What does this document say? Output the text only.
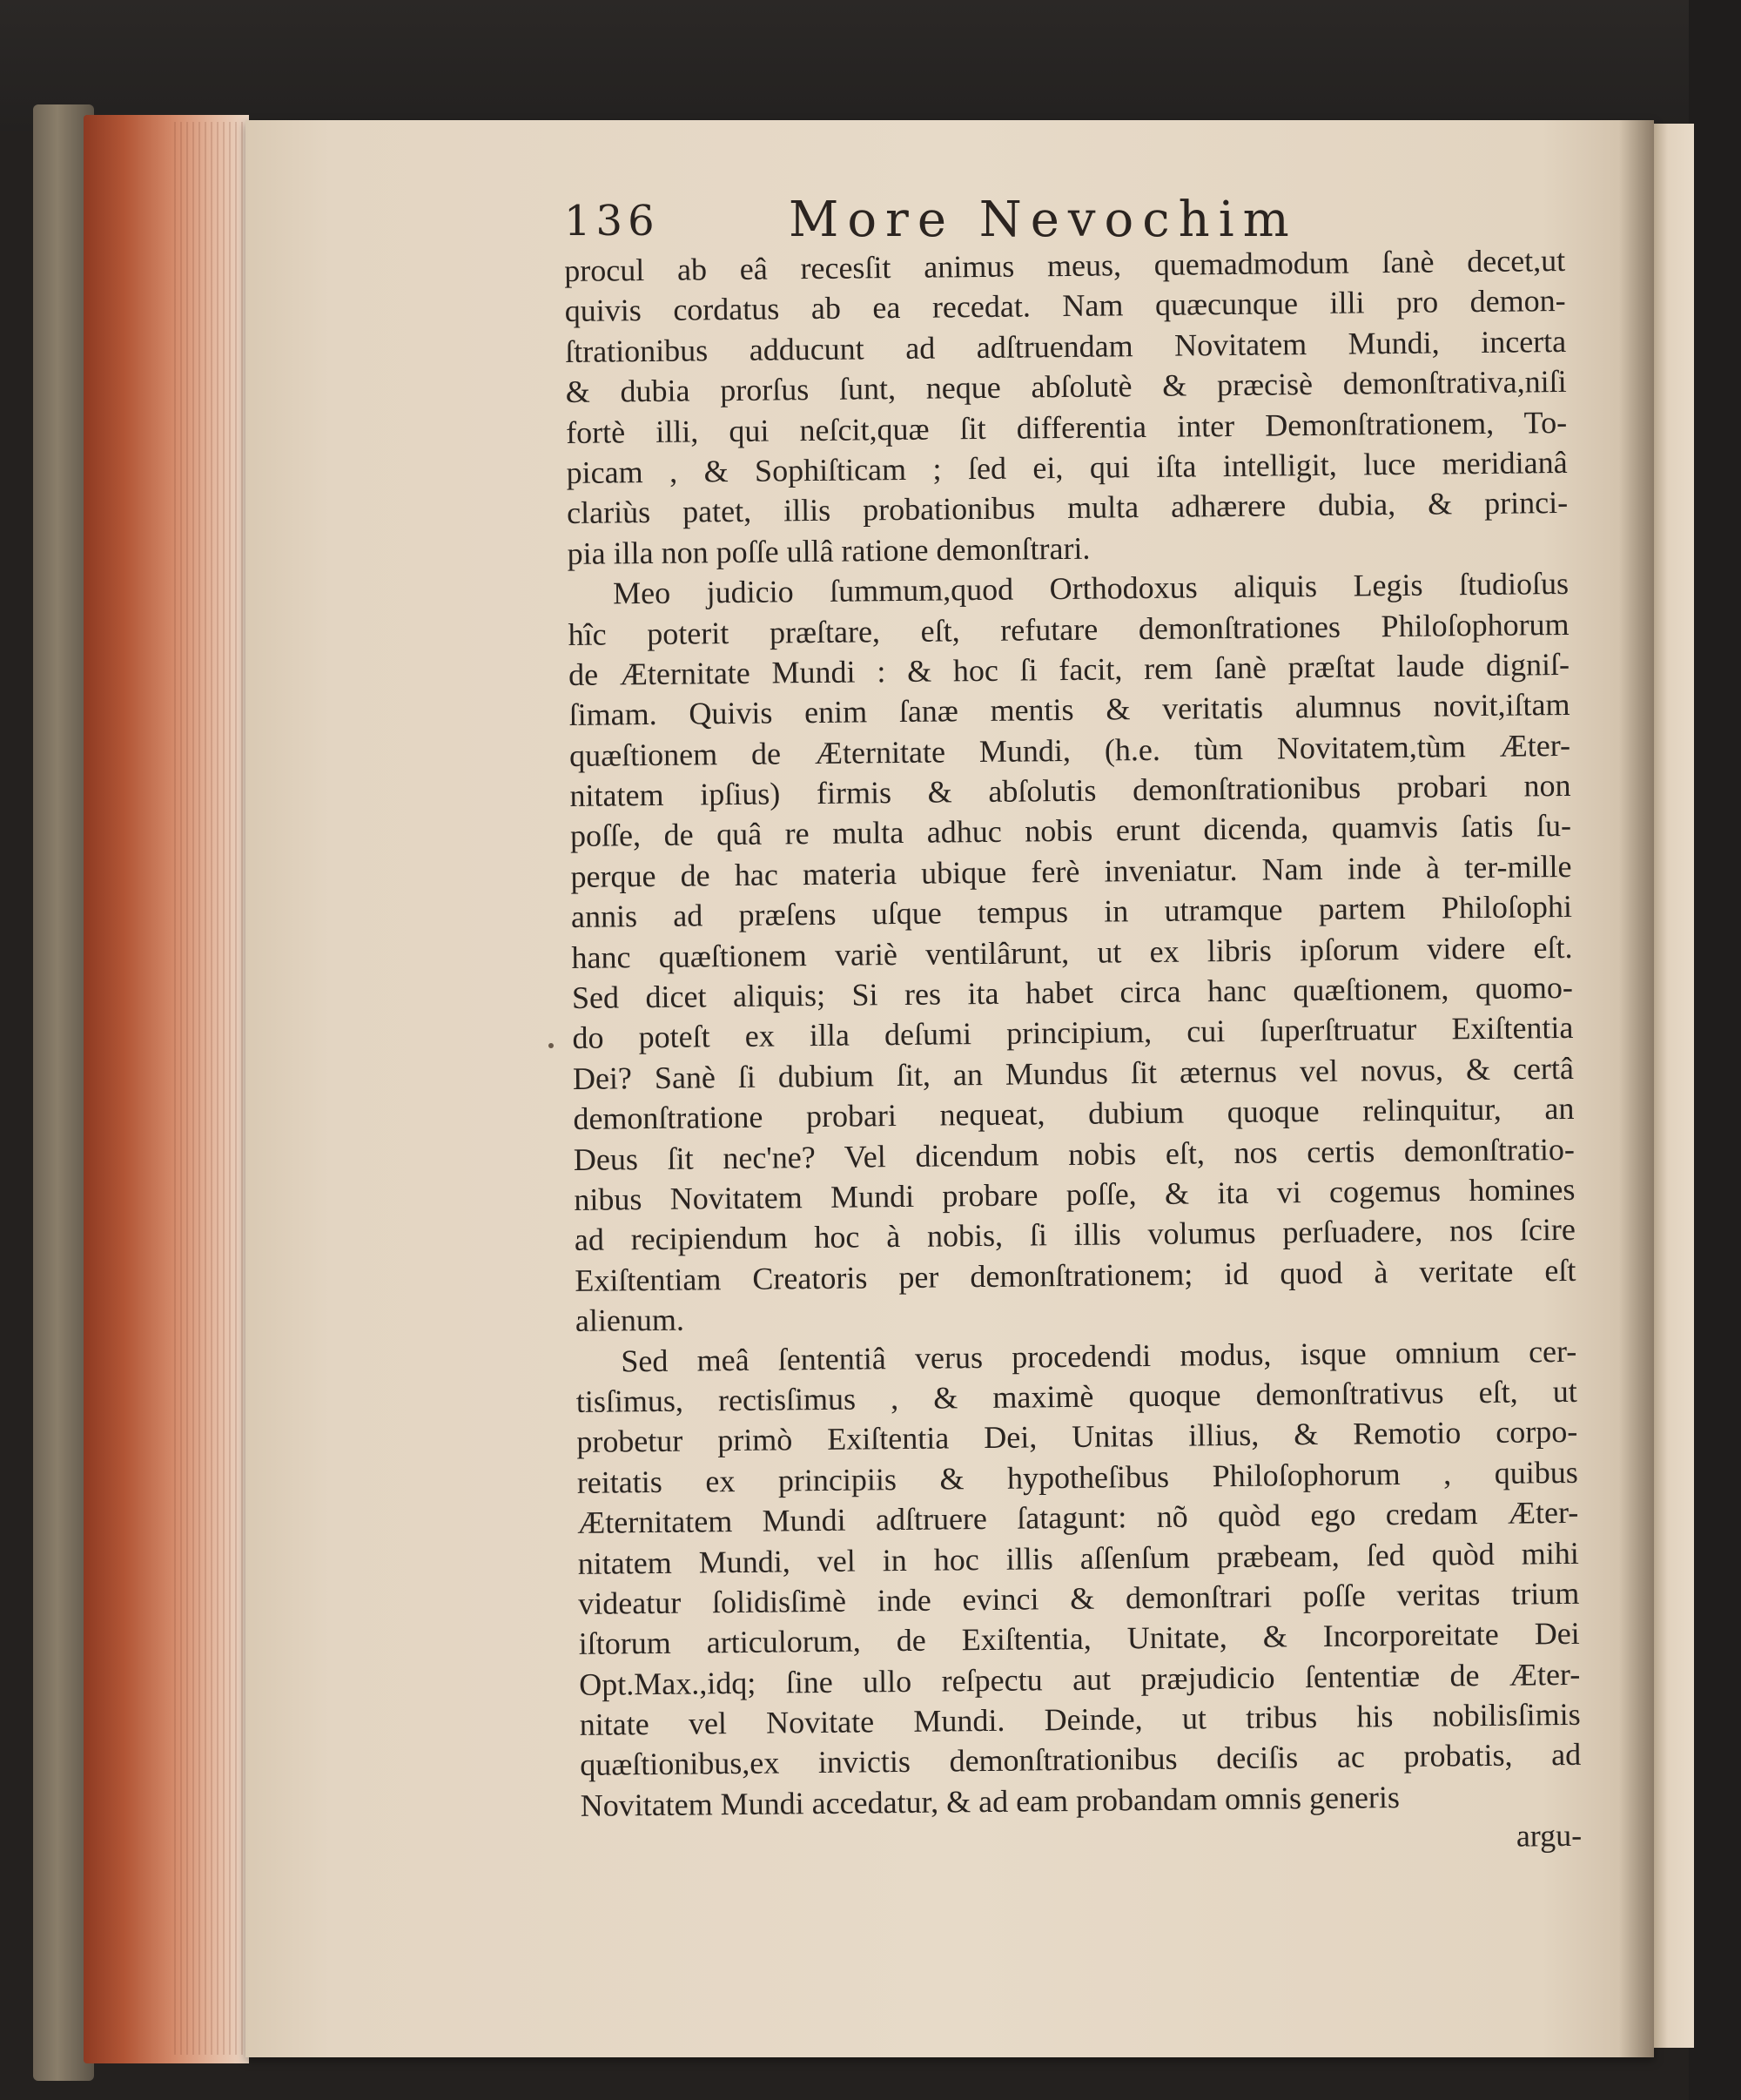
136	More Nevochim
procul ab eâ recesſit animus meus, quemadmodum ſanè decet,ut
quivis cordatus ab ea recedat. Nam quæcunque illi pro demon-
ſtrationibus adducunt ad adſtruendam Novitatem Mundi, incerta
& dubia prorſus ſunt, neque abſolutè & præcisè demonſtrativa,niſi
fortè illi, qui neſcit,quæ ſit differentia inter Demonſtrationem, To-
picam , & Sophiſticam ; ſed ei, qui iſta intelligit, luce meridianâ
clariùs patet, illis probationibus multa adhærere dubia, & princi-
pia illa non poſſe ullâ ratione demonſtrari.
Meo judicio ſummum,quod Orthodoxus aliquis Legis ſtudioſus
hîc poterit præſtare, eſt, refutare demonſtrationes Philoſophorum
de Æternitate Mundi : & hoc ſi facit, rem ſanè præſtat laude digniſ-
ſimam. Quivis enim ſanæ mentis & veritatis alumnus novit,iſtam
quæſtionem de Æternitate Mundi, (h.e. tùm Novitatem,tùm Æter-
nitatem ipſius) firmis & abſolutis demonſtrationibus probari non
poſſe, de quâ re multa adhuc nobis erunt dicenda, quamvis ſatis ſu-
perque de hac materia ubique ferè inveniatur. Nam inde à ter-mille
annis ad præſens uſque tempus in utramque partem Philoſophi
hanc quæſtionem variè ventilârunt, ut ex libris ipſorum videre eſt.
Sed dicet aliquis; Si res ita habet circa hanc quæſtionem, quomo-
do poteſt ex illa deſumi principium, cui ſuperſtruatur Exiſtentia
Dei? Sanè ſi dubium ſit, an Mundus ſit æternus vel novus, & certâ
demonſtratione probari nequeat, dubium quoque relinquitur, an
Deus ſit nec'ne? Vel dicendum nobis eſt, nos certis demonſtratio-
nibus Novitatem Mundi probare poſſe, & ita vi cogemus homines
ad recipiendum hoc à nobis, ſi illis volumus perſuadere, nos ſcire
Exiſtentiam Creatoris per demonſtrationem; id quod à veritate eſt
alienum.
Sed meâ ſententiâ verus procedendi modus, isque omnium cer-
tisſimus, rectisſimus , & maximè quoque demonſtrativus eſt, ut
probetur primò Exiſtentia Dei, Unitas illius, & Remotio corpo-
reitatis ex principiis & hypotheſibus Philoſophorum , quibus
Æternitatem Mundi adſtruere ſatagunt: nõ quòd ego credam Æter-
nitatem Mundi, vel in hoc illis aſſenſum præbeam, ſed quòd mihi
videatur ſolidisſimè inde evinci & demonſtrari poſſe veritas trium
iſtorum articulorum, de Exiſtentia, Unitate, & Incorporeitate Dei
Opt.Max.,idq; ſine ullo reſpectu aut præjudicio ſententiæ de Æter-
nitate vel Novitate Mundi. Deinde, ut tribus his nobilisſimis
quæſtionibus,ex invictis demonſtrationibus deciſis ac probatis, ad
Novitatem Mundi accedatur, & ad eam probandam omnis generis
argu-
